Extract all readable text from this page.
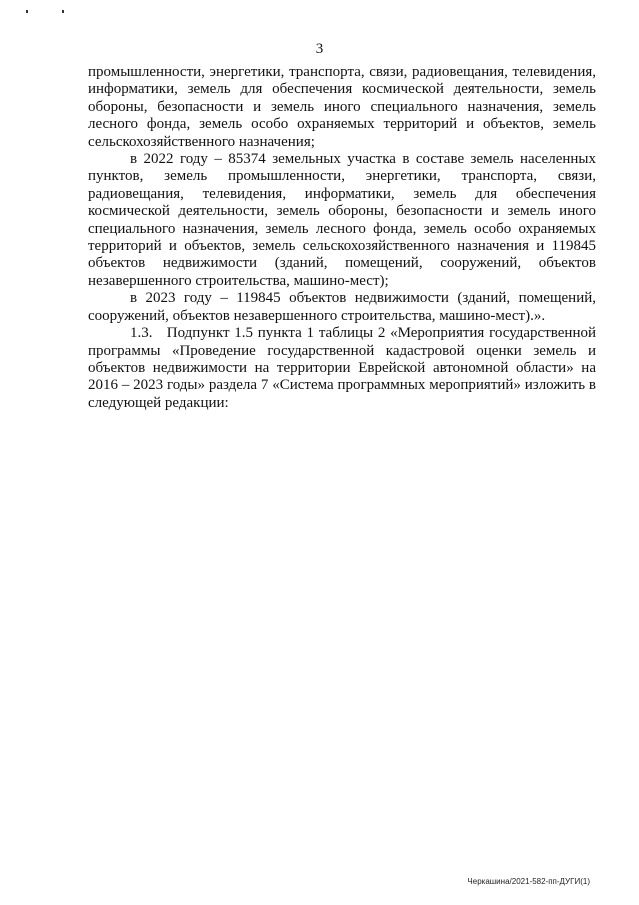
3

промышленности, энергетики, транспорта, связи, радиовещания, телевидения, информатики, земель для обеспечения космической деятельности, земель обороны, безопасности и земель иного специального назначения, земель лесного фонда, земель особо охраняемых территорий и объектов, земель сельскохозяйственного назначения;

в 2022 году – 85374 земельных участка в составе земель населенных пунктов, земель промышленности, энергетики, транспорта, связи, радиовещания, телевидения, информатики, земель для обеспечения космической деятельности, земель обороны, безопасности и земель иного специального назначения, земель лесного фонда, земель особо охраняемых территорий и объектов, земель сельскохозяйственного назначения и 119845 объектов недвижимости (зданий, помещений, сооружений, объектов незавершенного строительства, машино-мест);

в 2023 году – 119845 объектов недвижимости (зданий, помещений, сооружений, объектов незавершенного строительства, машино-мест).».

1.3.   Подпункт 1.5 пункта 1 таблицы 2 «Мероприятия государственной программы «Проведение государственной кадастровой оценки земель и объектов недвижимости на территории Еврейской автономной области» на 2016 – 2023 годы» раздела 7 «Система программных мероприятий» изложить в следующей редакции:

Черкашина/2021-582-пп-ДУГИ(1)
